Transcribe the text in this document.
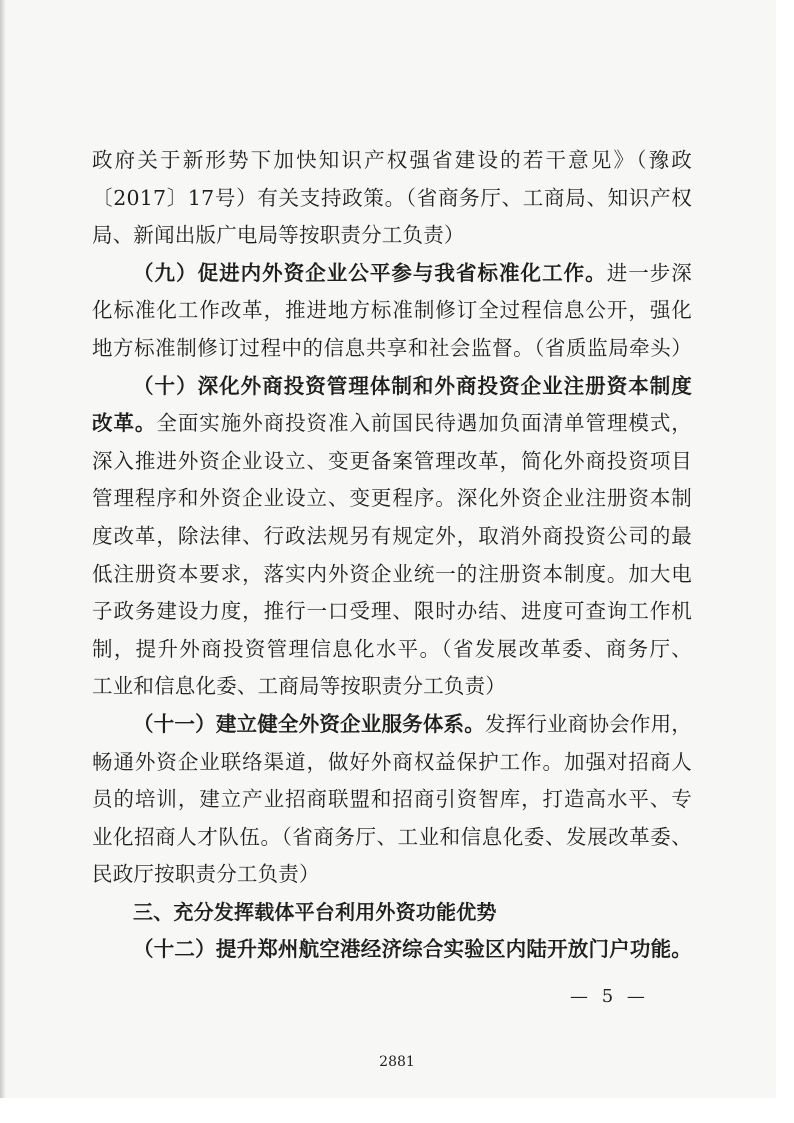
政府关于新形势下加快知识产权强省建设的若干意见》（豫政
〔2017〕17号）有关支持政策。（省商务厅、工商局、知识产权
局、新闻出版广电局等按职责分工负责）
（九）促进内外资企业公平参与我省标准化工作。进一步深
化标准化工作改革，推进地方标准制修订全过程信息公开，强化
地方标准制修订过程中的信息共享和社会监督。（省质监局牵头）
（十）深化外商投资管理体制和外商投资企业注册资本制度
改革。全面实施外商投资准入前国民待遇加负面清单管理模式，
深入推进外资企业设立、变更备案管理改革，简化外商投资项目
管理程序和外资企业设立、变更程序。深化外资企业注册资本制
度改革，除法律、行政法规另有规定外，取消外商投资公司的最
低注册资本要求，落实内外资企业统一的注册资本制度。加大电
子政务建设力度，推行一口受理、限时办结、进度可查询工作机
制，提升外商投资管理信息化水平。（省发展改革委、商务厅、
工业和信息化委、工商局等按职责分工负责）
（十一）建立健全外资企业服务体系。发挥行业商协会作用，
畅通外资企业联络渠道，做好外商权益保护工作。加强对招商人
员的培训，建立产业招商联盟和招商引资智库，打造高水平、专
业化招商人才队伍。（省商务厅、工业和信息化委、发展改革委、
民政厅按职责分工负责）
三、充分发挥载体平台利用外资功能优势
（十二）提升郑州航空港经济综合实验区内陆开放门户功能。
— 5 —
2881
